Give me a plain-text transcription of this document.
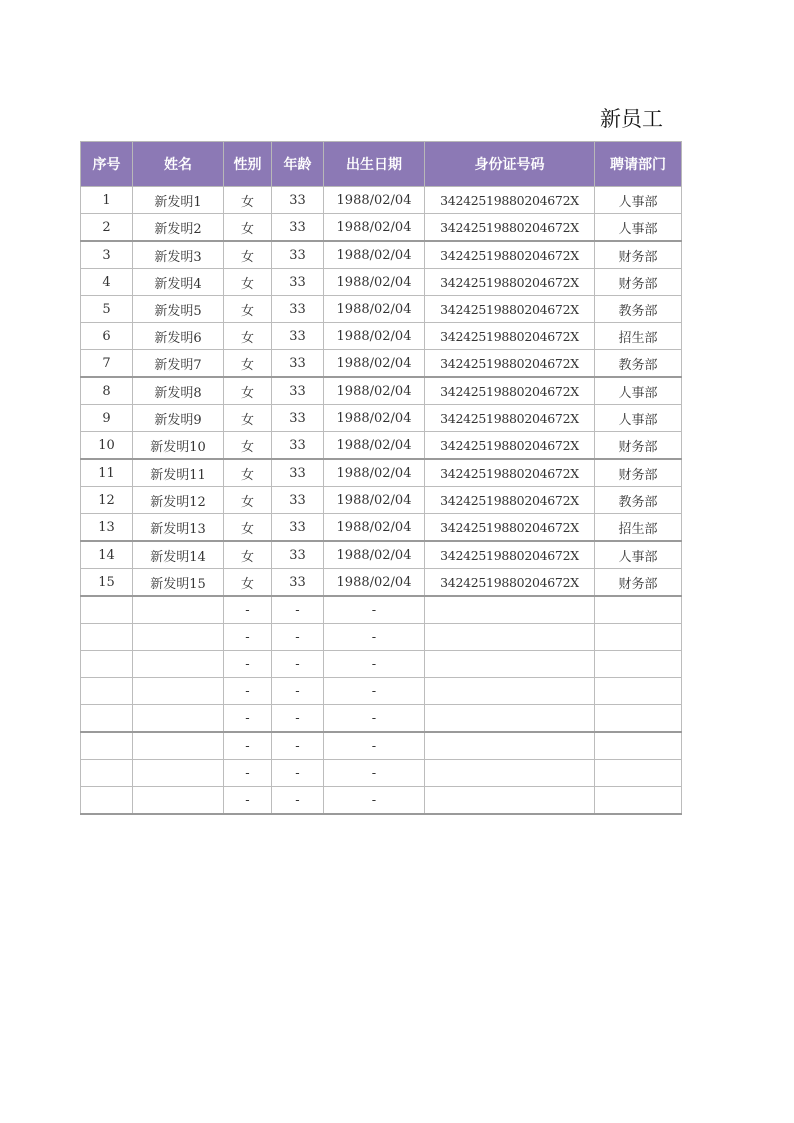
新员工
序号	姓名	性别	年龄	出生日期	身份证号码	聘请部门
1	新发明1	女	33	1988/02/04	34242519880204672X	人事部
2	新发明2	女	33	1988/02/04	34242519880204672X	人事部
3	新发明3	女	33	1988/02/04	34242519880204672X	财务部
4	新发明4	女	33	1988/02/04	34242519880204672X	财务部
5	新发明5	女	33	1988/02/04	34242519880204672X	教务部
6	新发明6	女	33	1988/02/04	34242519880204672X	招生部
7	新发明7	女	33	1988/02/04	34242519880204672X	教务部
8	新发明8	女	33	1988/02/04	34242519880204672X	人事部
9	新发明9	女	33	1988/02/04	34242519880204672X	人事部
10	新发明10	女	33	1988/02/04	34242519880204672X	财务部
11	新发明11	女	33	1988/02/04	34242519880204672X	财务部
12	新发明12	女	33	1988/02/04	34242519880204672X	教务部
13	新发明13	女	33	1988/02/04	34242519880204672X	招生部
14	新发明14	女	33	1988/02/04	34242519880204672X	人事部
15	新发明15	女	33	1988/02/04	34242519880204672X	财务部
		-	-	-		
		-	-	-		
		-	-	-		
		-	-	-		
		-	-	-		
		-	-	-		
		-	-	-		
		-	-	-		
